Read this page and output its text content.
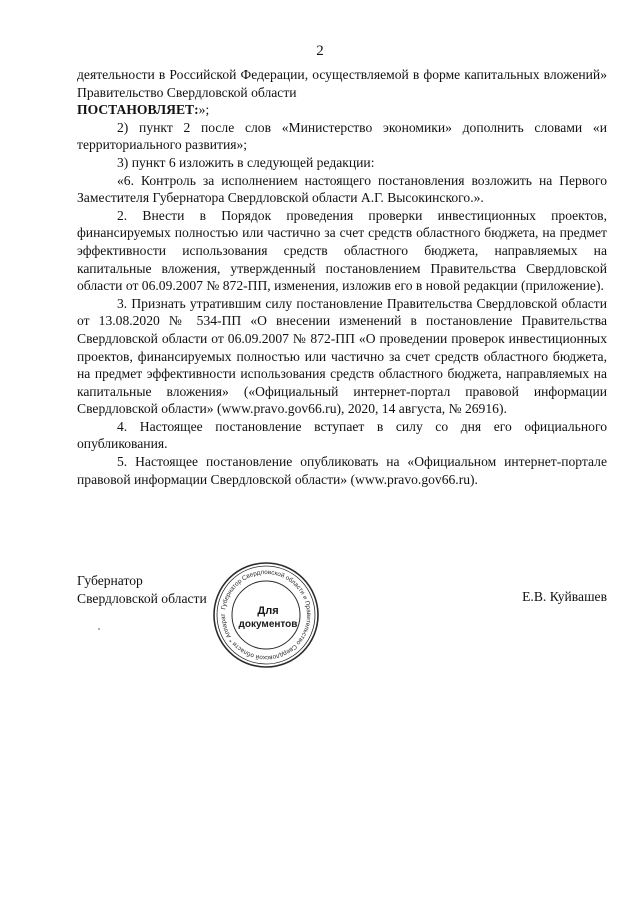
2

деятельности в Российской Федерации, осуществляемой в форме капитальных вложений» Правительство Свердловской области

ПОСТАНОВЛЯЕТ:»;

2) пункт 2 после слов «Министерство экономики» дополнить словами «и территориального развития»;

3) пункт 6 изложить в следующей редакции:

«6. Контроль за исполнением настоящего постановления возложить на Первого Заместителя Губернатора Свердловской области А.Г. Высокинского.».

2. Внести в Порядок проведения проверки инвестиционных проектов, финансируемых полностью или частично за счет средств областного бюджета, на предмет эффективности использования средств областного бюджета, направляемых на капитальные вложения, утвержденный постановлением Правительства Свердловской области от 06.09.2007 № 872-ПП, изменения, изложив его в новой редакции (приложение).

3. Признать утратившим силу постановление Правительства Свердловской области от 13.08.2020 № 534-ПП «О внесении изменений в постановление Правительства Свердловской области от 06.09.2007 № 872-ПП «О проведении проверок инвестиционных проектов, финансируемых полностью или частично за счет средств областного бюджета, на предмет эффективности использования средств областного бюджета, направляемых на капитальные вложения» («Официальный интернет-портал правовой информации Свердловской области» (www.pravo.gov66.ru), 2020, 14 августа, № 26916).

4. Настоящее постановление вступает в силу со дня его официального опубликования.

5. Настоящее постановление опубликовать на «Официальном интернет-портале правовой информации Свердловской области» (www.pravo.gov66.ru).

Губернатор
Свердловской области
Губернатор Свердловской области и Правительство Свердловской области * Аппарат	Для
документов
Е.В. Куйвашев
